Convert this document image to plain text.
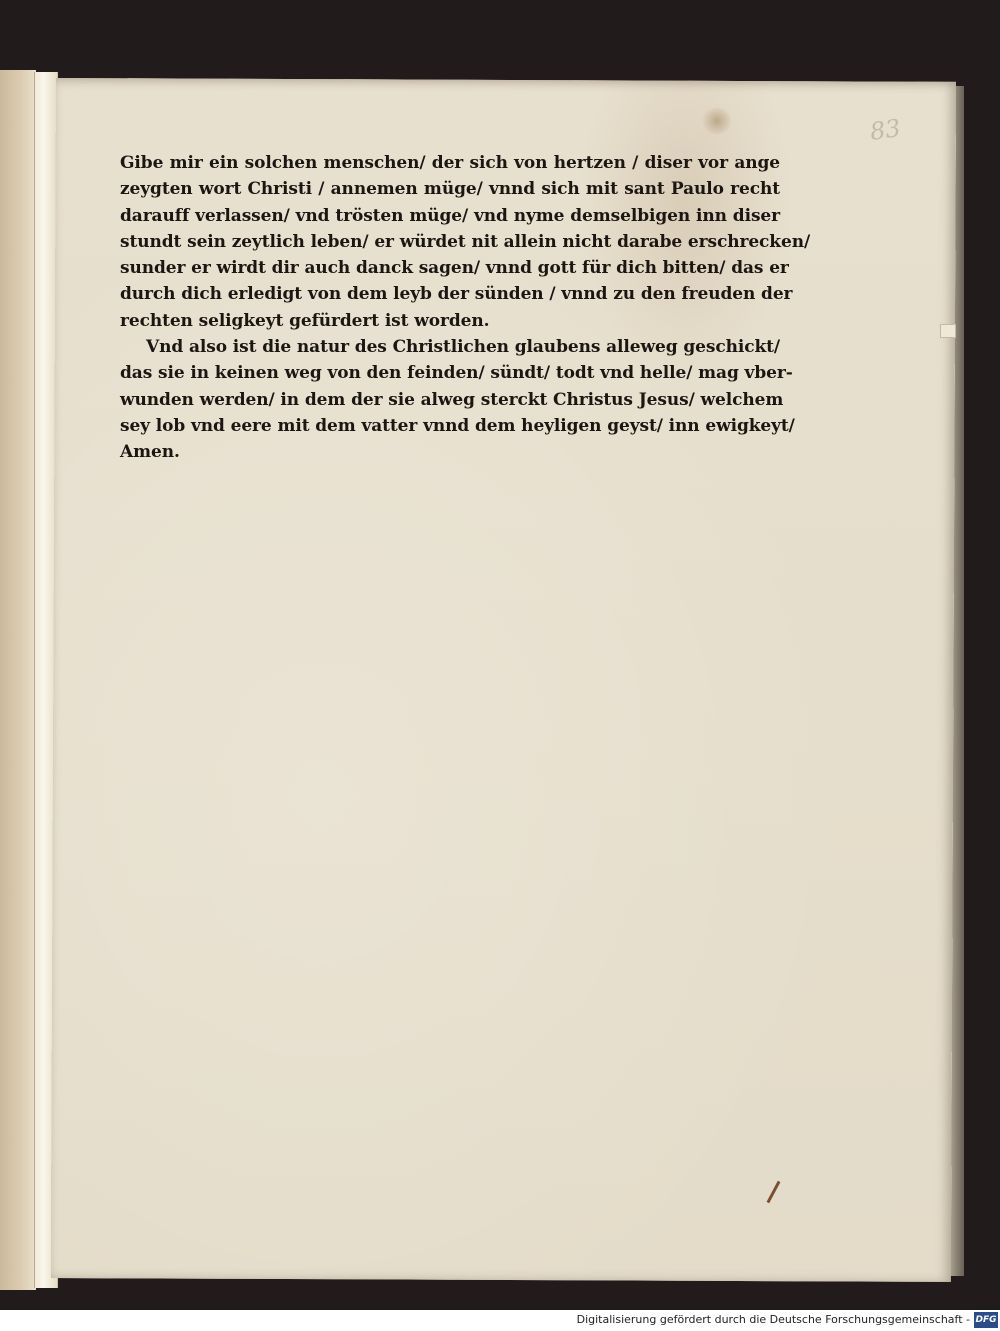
83
Gibe mir ein solchen menschen/ der sich von hertzen / diser vor ange
zeygten wort Christi / annemen müge/ vnnd sich mit sant Paulo recht
darauff verlassen/ vnd trösten müge/ vnd nyme demselbigen inn diser
stundt sein zeytlich leben/ er würdet nit allein nicht darabe erschrecken/
sunder er wirdt dir auch danck sagen/ vnnd gott für dich bitten/ das er
durch dich erledigt von dem leyb der sünden / vnnd zu den freuden der
rechten seligkeyt gefürdert ist worden.
Vnd also ist die natur des Christlichen glaubens alleweg geschickt/
das sie in keinen weg von den feinden/ sündt/ todt vnd helle/ mag vber-
wunden werden/ in dem der sie alweg sterckt Christus Jesus/ welchem
sey lob vnd eere mit dem vatter vnnd dem heyligen geyst/ inn ewigkeyt/
Amen.
Digitalisierung gefördert durch die Deutsche Forschungsgemeinschaft - DFG
